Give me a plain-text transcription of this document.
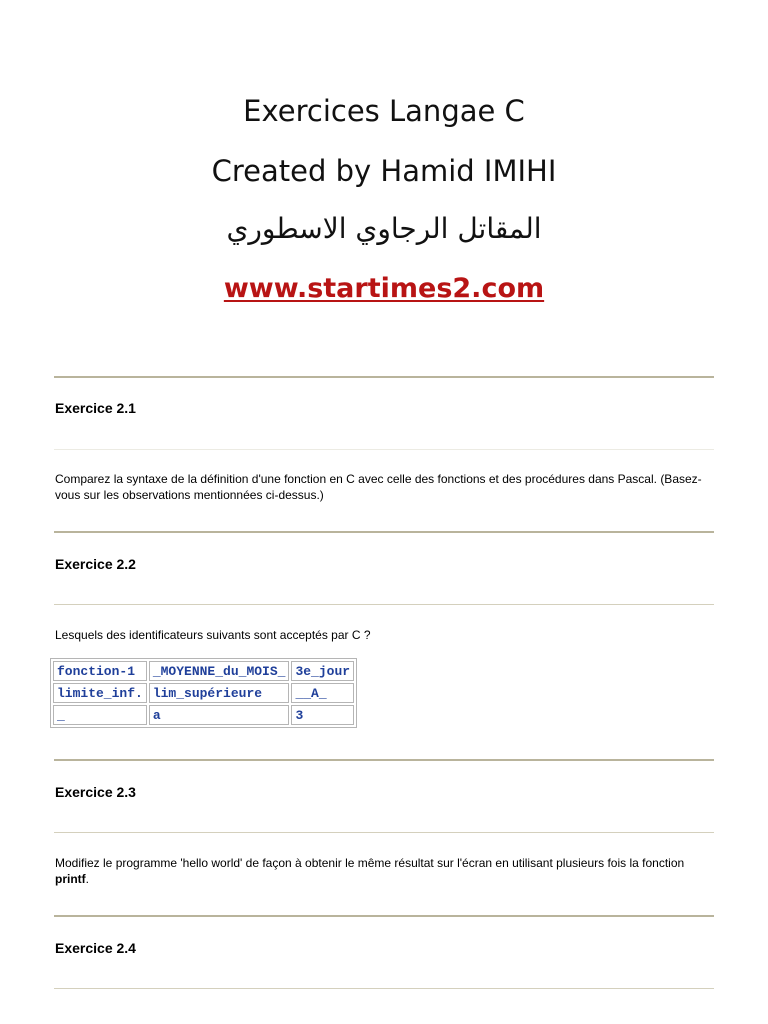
Exercices Langae C
Created by Hamid IMIHI
المقاتل الرجاوي الاسطوري
www.startimes2.com
Exercice 2.1
Comparez la syntaxe de la définition d'une fonction en C avec celle des fonctions et des procédures dans Pascal. (Basez-vous sur les observations mentionnées ci-dessus.)
Exercice 2.2
Lesquels des identificateurs suivants sont acceptés par C ?
fonction-1	_MOYENNE_du_MOIS_	3e_jour
limite_inf.	lim_supérieure	__A_
_	a	3
Exercice 2.3
Modifiez le programme 'hello world' de façon à obtenir le même résultat sur l'écran en utilisant plusieurs fois la fonction printf.
Exercice 2.4
